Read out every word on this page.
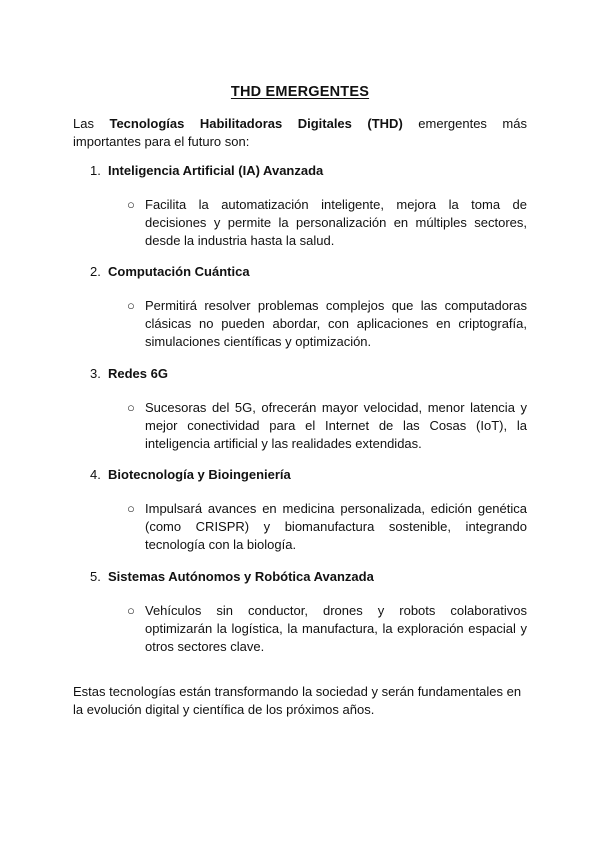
THD EMERGENTES
Las Tecnologías Habilitadoras Digitales (THD) emergentes más importantes para el futuro son:
1. Inteligencia Artificial (IA) Avanzada
○ Facilita la automatización inteligente, mejora la toma de decisiones y permite la personalización en múltiples sectores, desde la industria hasta la salud.
2. Computación Cuántica
○ Permitirá resolver problemas complejos que las computadoras clásicas no pueden abordar, con aplicaciones en criptografía, simulaciones científicas y optimización.
3. Redes 6G
○ Sucesoras del 5G, ofrecerán mayor velocidad, menor latencia y mejor conectividad para el Internet de las Cosas (IoT), la inteligencia artificial y las realidades extendidas.
4. Biotecnología y Bioingeniería
○ Impulsará avances en medicina personalizada, edición genética (como CRISPR) y biomanufactura sostenible, integrando tecnología con la biología.
5. Sistemas Autónomos y Robótica Avanzada
○ Vehículos sin conductor, drones y robots colaborativos optimizarán la logística, la manufactura, la exploración espacial y otros sectores clave.
Estas tecnologías están transformando la sociedad y serán fundamentales en la evolución digital y científica de los próximos años.
